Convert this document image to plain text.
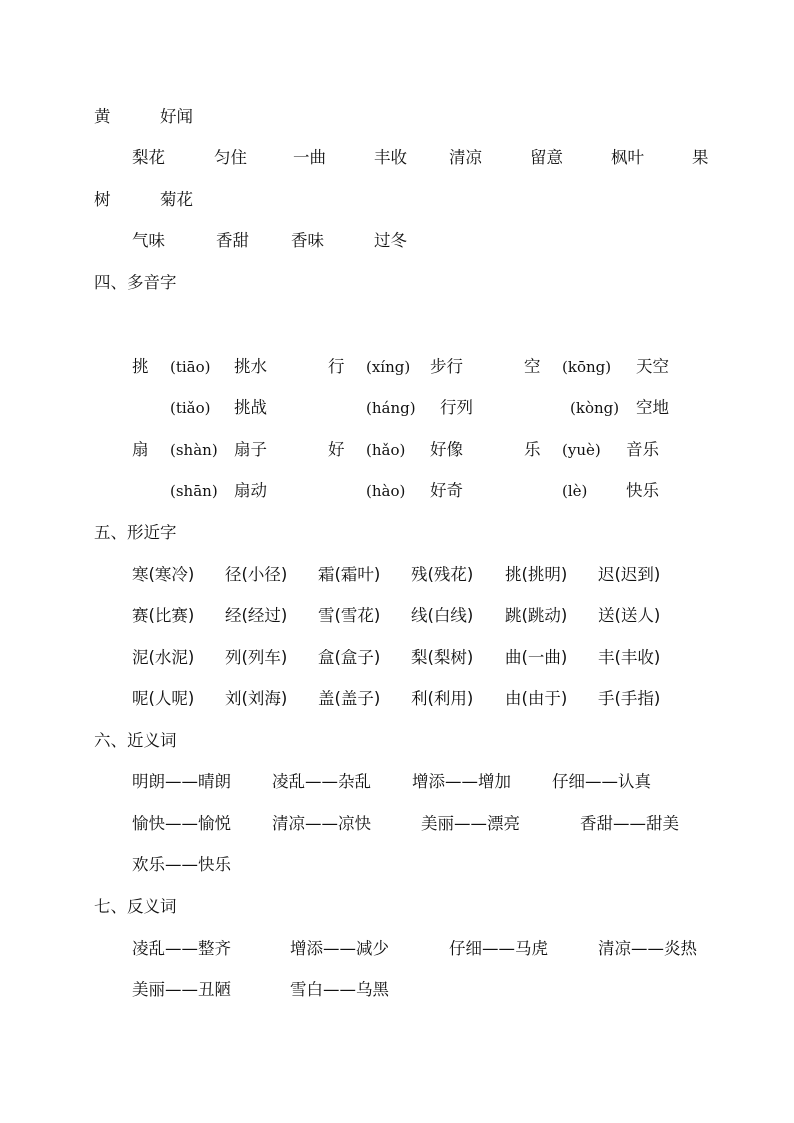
黄	好闻
梨花	匀住	一曲	丰收	清凉	留意	枫叶	果
树	菊花
气味	香甜	香味	过冬
四、多音字
挑 (tiāo) 挑水	行 (xíng) 步行	空 (kōng) 天空
(tiǎo) 挑战	(háng) 行列	(kòng) 空地
扇 (shàn) 扇子	好 (hǎo) 好像	乐 (yuè) 音乐
(shān) 扇动	(hào) 好奇	(lè) 快乐
五、形近字
寒(寒冷) 径(小径) 霜(霜叶) 残(残花) 挑(挑明) 迟(迟到)
赛(比赛) 经(经过) 雪(雪花) 线(白线) 跳(跳动) 送(送人)
泥(水泥) 列(列车) 盒(盒子) 梨(梨树) 曲(一曲) 丰(丰收)
呢(人呢) 刘(刘海) 盖(盖子) 利(利用) 由(由于) 手(手指)
六、近义词
明朗——晴朗 凌乱——杂乱 增添——增加 仔细——认真
愉快——愉悦 清凉——凉快	美丽——漂亮	香甜——甜美
欢乐——快乐
七、反义词
凌乱——整齐	增添——减少	仔细——马虎	清凉——炎热
美丽——丑陋	雪白——乌黑
